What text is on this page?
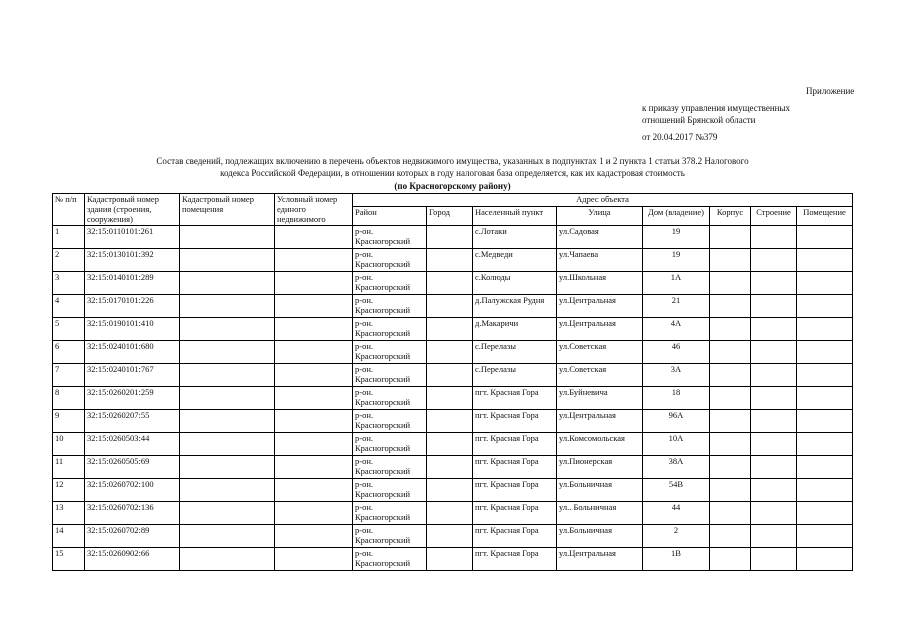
Приложение
к приказу управления имущественных
отношений Брянской области
от 20.04.2017 №379
Состав сведений, подлежащих включению в перечень объектов недвижимого имущества, указанных в подпунктах 1 и 2 пункта 1 статьи 378.2 Налогового
кодекса Российской Федерации, в отношении которых в году налоговая база определяется, как их кадастровая стоимость
(по Красногорскому району)
№ п/п	Кадастровый номер здания (строения, сооружения)	Кадастровый номер помещения	Условный номер единого недвижимого	Адрес объекта							
				Район	Город	Населенный пункт	Улица	Дом (владение)	Корпус	Строение	Помещение
1	32:15:0110101:261			р-он. Красногорский		с.Лотаки	ул.Садовая	19			
2	32:15:0130101:392			р-он. Красногорский		с.Медведи	ул.Чапаева	19			
3	32:15:0140101:289			р-он. Красногорский		с.Колюды	ул.Школьная	1А			
4	32:15:0170101:226			р-он. Красногорский		д.Палужская Рудня	ул.Центральная	21			
5	32:15:0190101:410			р-он. Красногорский		д.Макаричи	ул.Центральная	4А			
6	32:15:0240101:680			р-он. Красногорский		с.Перелазы	ул.Советская	46			
7	32:15:0240101:767			р-он. Красногорский		с.Перелазы	ул.Советская	3А			
8	32:15:0260201:259			р-он. Красногорский		пгт. Красная Гора	ул.Буйневича	18			
9	32:15:0260207:55			р-он. Красногорский		пгт. Красная Гора	ул.Центральная	96А			
10	32:15:0260503:44			р-он. Красногорский		пгт. Красная Гора	ул.Комсомольская	10А			
11	32:15:0260505:69			р-он. Красногорский		пгт. Красная Гора	ул.Пионерская	38А			
12	32:15:0260702:100			р-он. Красногорский		пгт. Красная Гора	ул.Больничная	54В			
13	32:15:0260702:136			р-он. Красногорский		пгт. Красная Гора	ул.. Больничная	44			
14	32:15:0260702:89			р-он. Красногорский		пгт. Красная Гора	ул.Больничная	2			
15	32:15:0260902:66			р-он. Красногорский		пгт. Красная Гора	ул.Центральная	1В			
